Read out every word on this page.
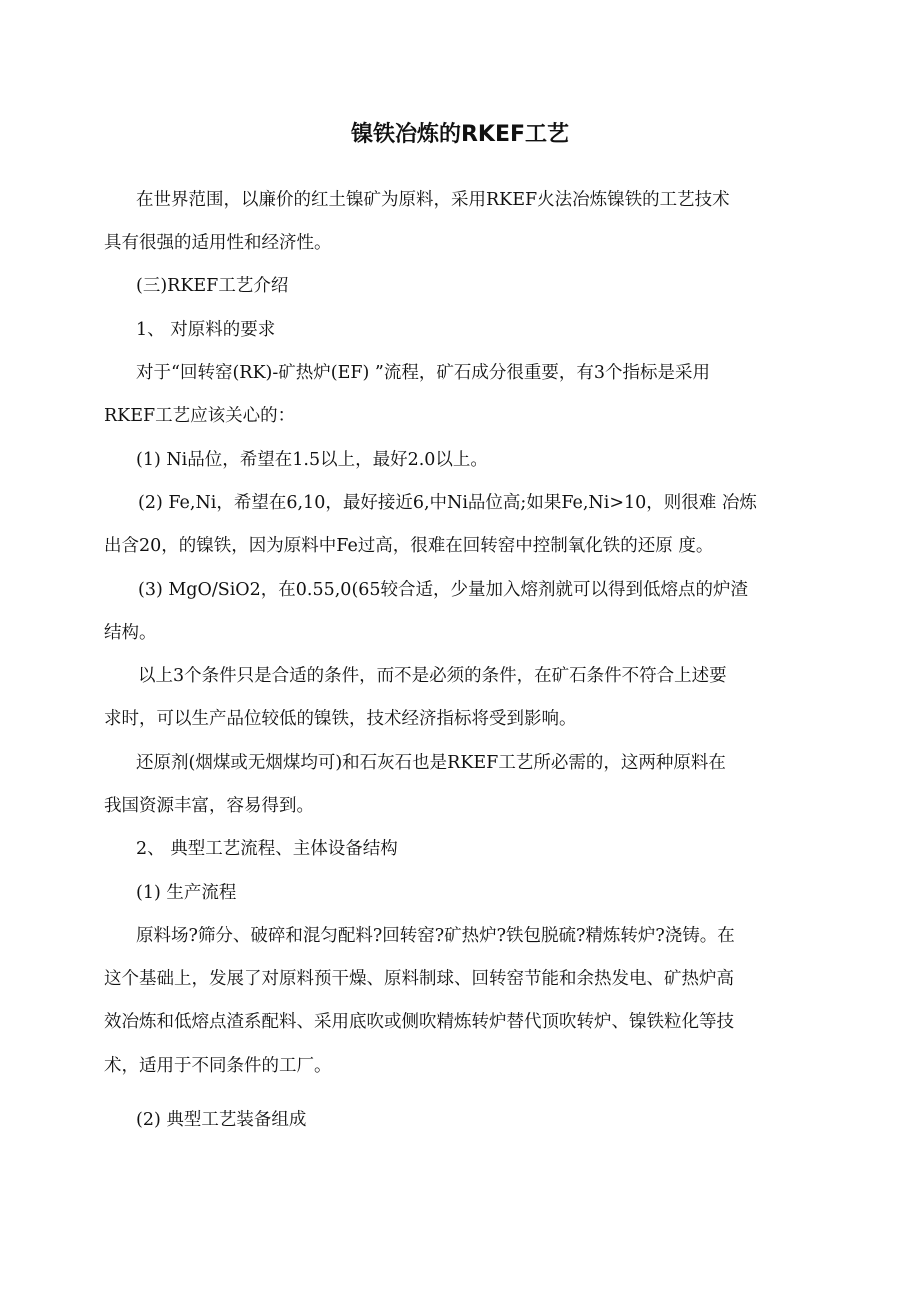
镍铁冶炼的RKEF工艺
在世界范围，以廉价的红土镍矿为原料，采用RKEF火法冶炼镍铁的工艺技术
具有很强的适用性和经济性。
(三)RKEF工艺介绍
1、 对原料的要求
对于“回转窑(RK)-矿热炉(EF) ”流程，矿石成分很重要，有3个指标是采用
RKEF工艺应该关心的：
(1) Ni品位，希望在1.5以上，最好2.0以上。
(2) Fe,Ni，希望在6,10，最好接近6,中Ni品位高;如果Fe,Ni>10，则很难 冶炼
出含20，的镍铁，因为原料中Fe过高，很难在回转窑中控制氧化铁的还原 度。
(3) MgO/SiO2，在0.55,0(65较合适，少量加入熔剂就可以得到低熔点的炉渣
结构。
以上3个条件只是合适的条件，而不是必须的条件，在矿石条件不符合上述要
求时，可以生产品位较低的镍铁，技术经济指标将受到影响。
还原剂(烟煤或无烟煤均可)和石灰石也是RKEF工艺所必需的，这两种原料在
我国资源丰富，容易得到。
2、 典型工艺流程、主体设备结构
(1) 生产流程
原料场?筛分、破碎和混匀配料?回转窑?矿热炉?铁包脱硫?精炼转炉?浇铸。在
这个基础上，发展了对原料预干燥、原料制球、回转窑节能和余热发电、矿热炉高
效冶炼和低熔点渣系配料、采用底吹或侧吹精炼转炉替代顶吹转炉、镍铁粒化等技
术，适用于不同条件的工厂。
(2) 典型工艺装备组成
